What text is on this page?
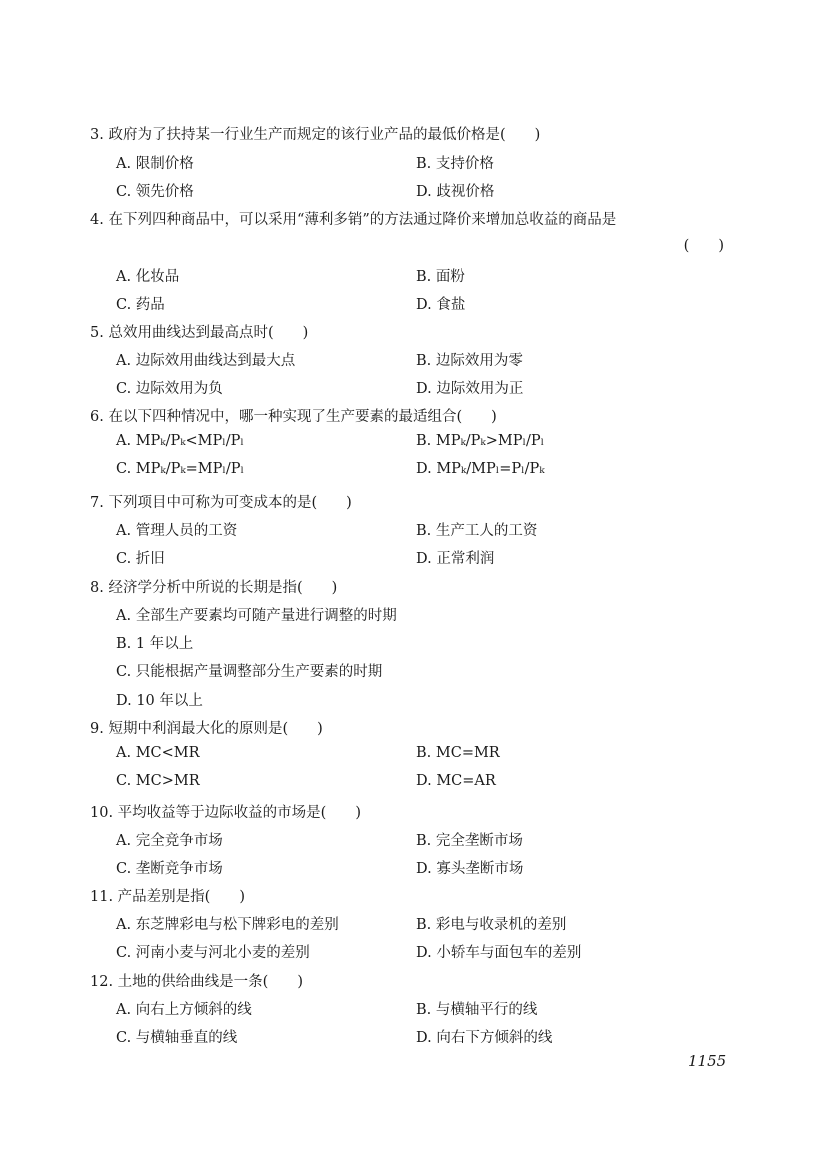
3. 政府为了扶持某一行业生产而规定的该行业产品的最低价格是(　　)
A. 限制价格	B. 支持价格
C. 领先价格	D. 歧视价格
4. 在下列四种商品中，可以采用“薄利多销”的方法通过降价来增加总收益的商品是
(　　)
A. 化妆品	B. 面粉
C. 药品	D. 食盐
5. 总效用曲线达到最高点时(　　)
A. 边际效用曲线达到最大点	B. 边际效用为零
C. 边际效用为负	D. 边际效用为正
6. 在以下四种情况中，哪一种实现了生产要素的最适组合(　　)
A. MPₖ/Pₖ<MPₗ/Pₗ	B. MPₖ/Pₖ>MPₗ/Pₗ
C. MPₖ/Pₖ=MPₗ/Pₗ	D. MPₖ/MPₗ=Pₗ/Pₖ
7. 下列项目中可称为可变成本的是(　　)
A. 管理人员的工资	B. 生产工人的工资
C. 折旧	D. 正常利润
8. 经济学分析中所说的长期是指(　　)
A. 全部生产要素均可随产量进行调整的时期
B. 1 年以上
C. 只能根据产量调整部分生产要素的时期
D. 10 年以上
9. 短期中利润最大化的原则是(　　)
A. MC<MR	B. MC=MR
C. MC>MR	D. MC=AR
10. 平均收益等于边际收益的市场是(　　)
A. 完全竞争市场	B. 完全垄断市场
C. 垄断竞争市场	D. 寡头垄断市场
11. 产品差别是指(　　)
A. 东芝牌彩电与松下牌彩电的差别	B. 彩电与收录机的差别
C. 河南小麦与河北小麦的差别	D. 小轿车与面包车的差别
12. 土地的供给曲线是一条(　　)
A. 向右上方倾斜的线	B. 与横轴平行的线
C. 与横轴垂直的线	D. 向右下方倾斜的线
1155
